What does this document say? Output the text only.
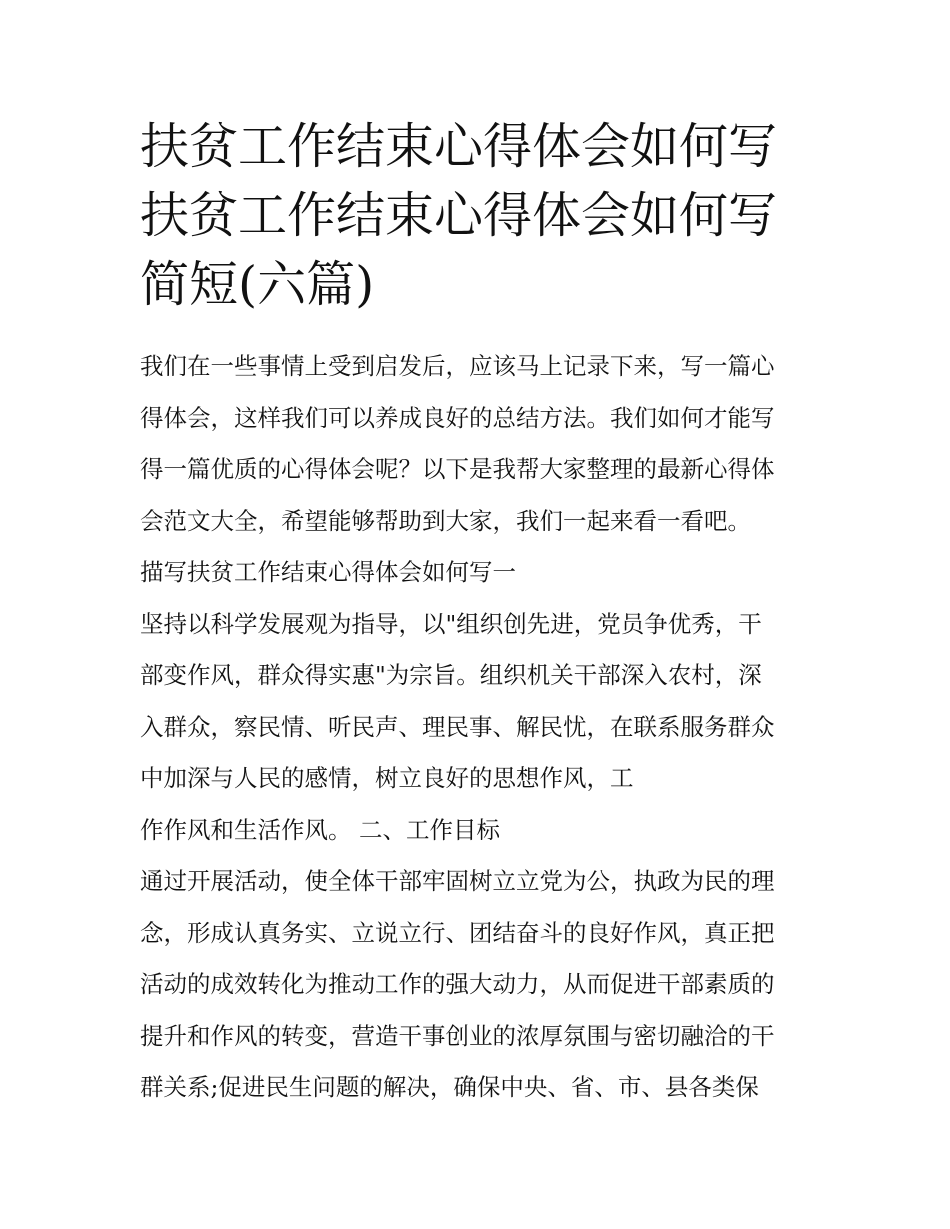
扶贫工作结束心得体会如何写
扶贫工作结束心得体会如何写
简短(六篇)

我们在一些事情上受到启发后，应该马上记录下来，写一篇心
得体会，这样我们可以养成良好的总结方法。我们如何才能写
得一篇优质的心得体会呢？以下是我帮大家整理的最新心得体
会范文大全，希望能够帮助到大家，我们一起来看一看吧。

描写扶贫工作结束心得体会如何写一

坚持以科学发展观为指导，以"组织创先进，党员争优秀，干
部变作风，群众得实惠"为宗旨。组织机关干部深入农村，深
入群众，察民情、听民声、理民事、解民忧，在联系服务群众
中加深与人民的感情，树立良好的思想作风，工

作作风和生活作风。 二、工作目标

通过开展活动，使全体干部牢固树立立党为公，执政为民的理
念，形成认真务实、立说立行、团结奋斗的良好作风，真正把
活动的成效转化为推动工作的强大动力，从而促进干部素质的
提升和作风的转变，营造干事创业的浓厚氛围与密切融洽的干
群关系;促进民生问题的解决，确保中央、省、市、县各类保
